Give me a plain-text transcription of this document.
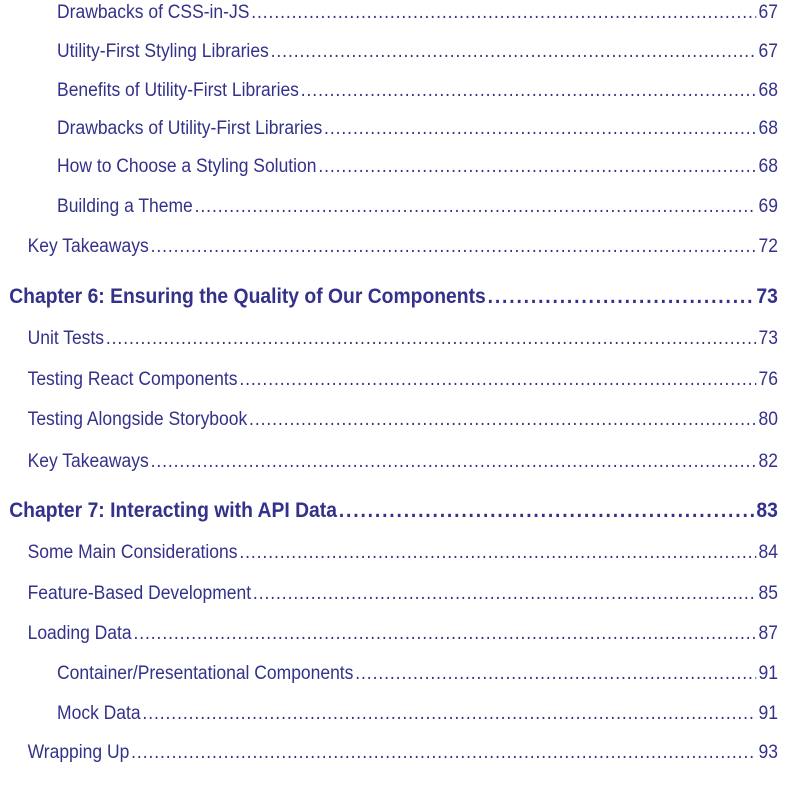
Drawbacks of CSS-in-JS .....	67
Utility-First Styling Libraries .....	67
Benefits of Utility-First Libraries .....	68
Drawbacks of Utility-First Libraries .....	68
How to Choose a Styling Solution .....	68
Building a Theme .....	69
Key Takeaways .....	72
Chapter 6: Ensuring the Quality of Our Components .....	73
Unit Tests .....	73
Testing React Components .....	76
Testing Alongside Storybook .....	80
Key Takeaways .....	82
Chapter 7: Interacting with API Data .....	83
Some Main Considerations .....	84
Feature-Based Development .....	85
Loading Data .....	87
Container/Presentational Components .....	91
Mock Data .....	91
Wrapping Up .....	93
